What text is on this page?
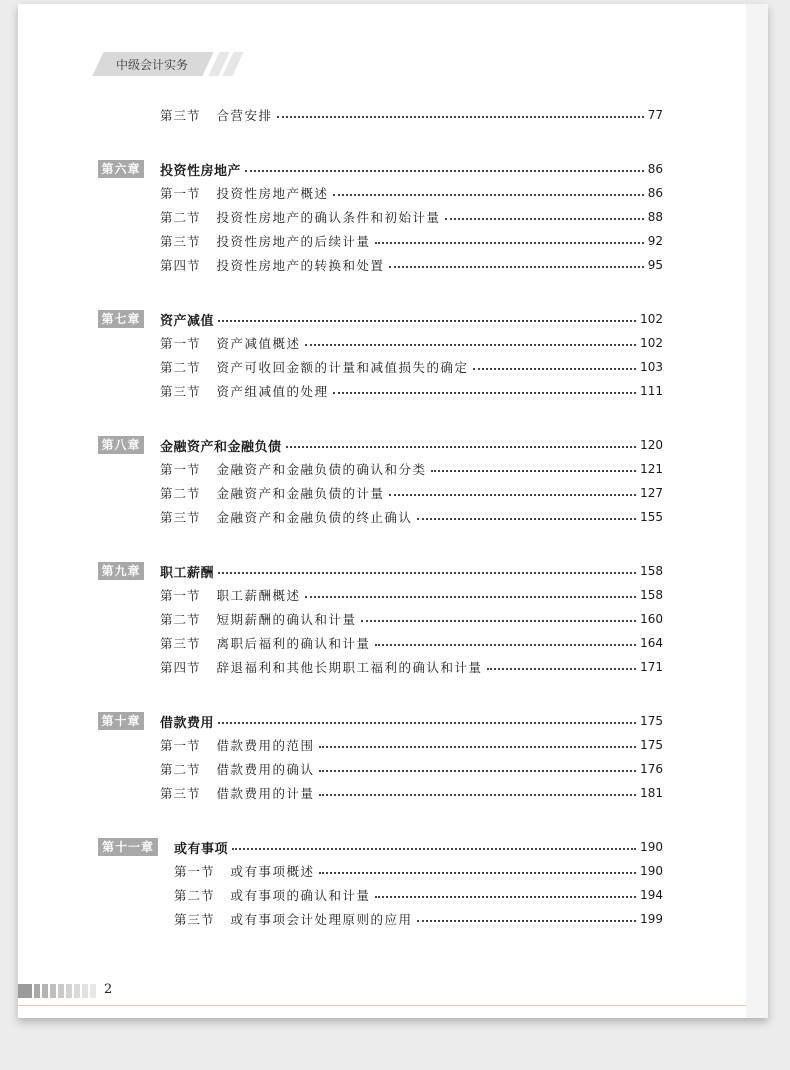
中级会计实务
第三节 合营安排	77
第六章 投资性房地产	86
第一节 投资性房地产概述	86
第二节 投资性房地产的确认条件和初始计量	88
第三节 投资性房地产的后续计量	92
第四节 投资性房地产的转换和处置	95
第七章 资产减值	102
第一节 资产减值概述	102
第二节 资产可收回金额的计量和减值损失的确定	103
第三节 资产组减值的处理	111
第八章 金融资产和金融负债	120
第一节 金融资产和金融负债的确认和分类	121
第二节 金融资产和金融负债的计量	127
第三节 金融资产和金融负债的终止确认	155
第九章 职工薪酬	158
第一节 职工薪酬概述	158
第二节 短期薪酬的确认和计量	160
第三节 离职后福利的确认和计量	164
第四节 辞退福利和其他长期职工福利的确认和计量	171
第十章 借款费用	175
第一节 借款费用的范围	175
第二节 借款费用的确认	176
第三节 借款费用的计量	181
第十一章	或有事项	190
第一节 或有事项概述	190
第二节 或有事项的确认和计量	194
第三节 或有事项会计处理原则的应用	199
2
